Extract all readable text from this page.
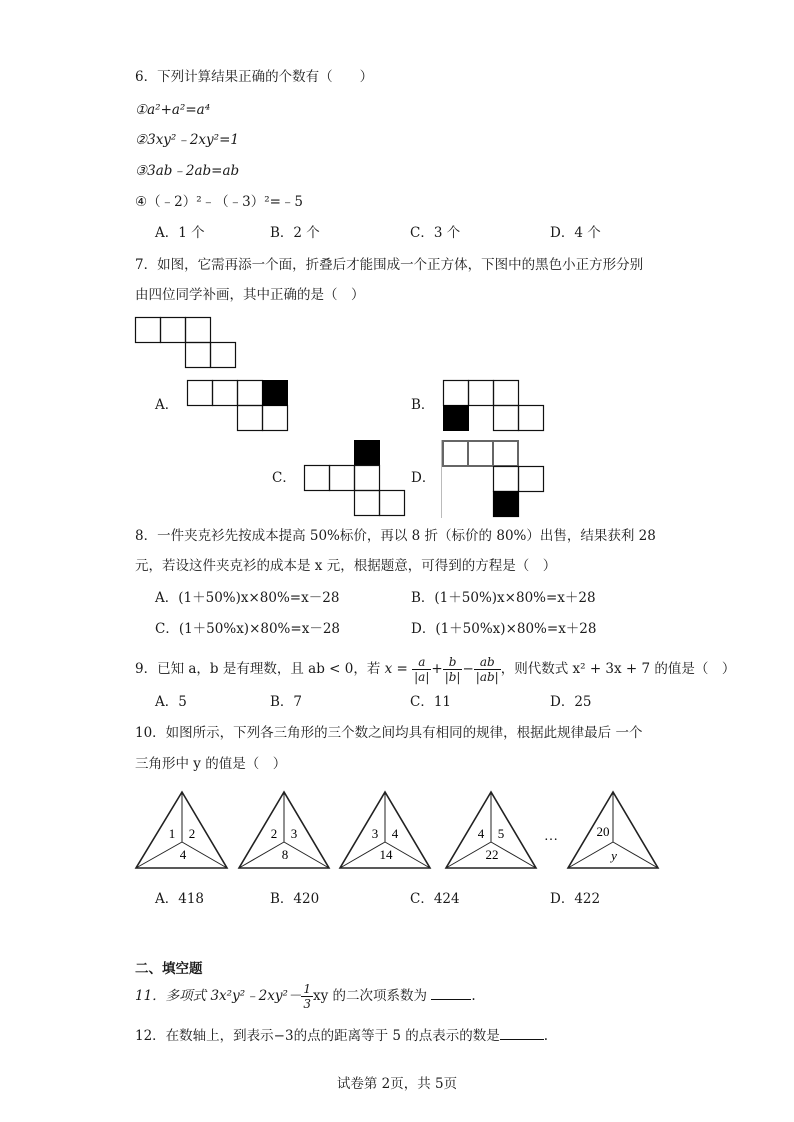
6．下列计算结果正确的个数有（　　）
①a²+a²=a⁴
②3xy²﹣2xy²=1
③3ab﹣2ab=ab
④（﹣2）²﹣（﹣3）²=﹣5
A．1 个	B．2 个	C．3 个	D．4 个
7．如图，它需再添一个面，折叠后才能围成一个正方体，下图中的黑色小正方形分别
由四位同学补画，其中正确的是（　）
A．	B．
C．	D．
8．一件夹克衫先按成本提高 50%标价，再以 8 折（标价的 80%）出售，结果获利 28
元，若设这件夹克衫的成本是 x 元，根据题意，可得到的方程是（　）
A．(1＋50%)x×80%=x－28	B．(1＋50%)x×80%=x＋28
C．(1＋50%x)×80%=x－28	D．(1＋50%x)×80%=x＋28
9．已知 a，b 是有理数，且 ab < 0，若 $x = \frac{a}{|a|} + \frac{b}{|b|} - \frac{ab}{|ab|}$ ，则代数式 x² + 3x + 7 的值是（　）
A．5	B．7	C．11	D．25
10．如图所示，下列各三角形的三个数之间均具有相同的规律，根据此规律最后 一个
三角形中 y 的值是（　）
1 2
4
2 3
8
3 4
14
4 5
22
…	20
y
A．418	B．420	C．424	D．422
二、填空题
11．多项式 3x²y²﹣2xy²－ $\frac{1}{3}$ xy 的二次项系数为	.
12．在数轴上，到表示−3的点的距离等于 5 的点表示的数是	.
试卷第 2页，共 5页
